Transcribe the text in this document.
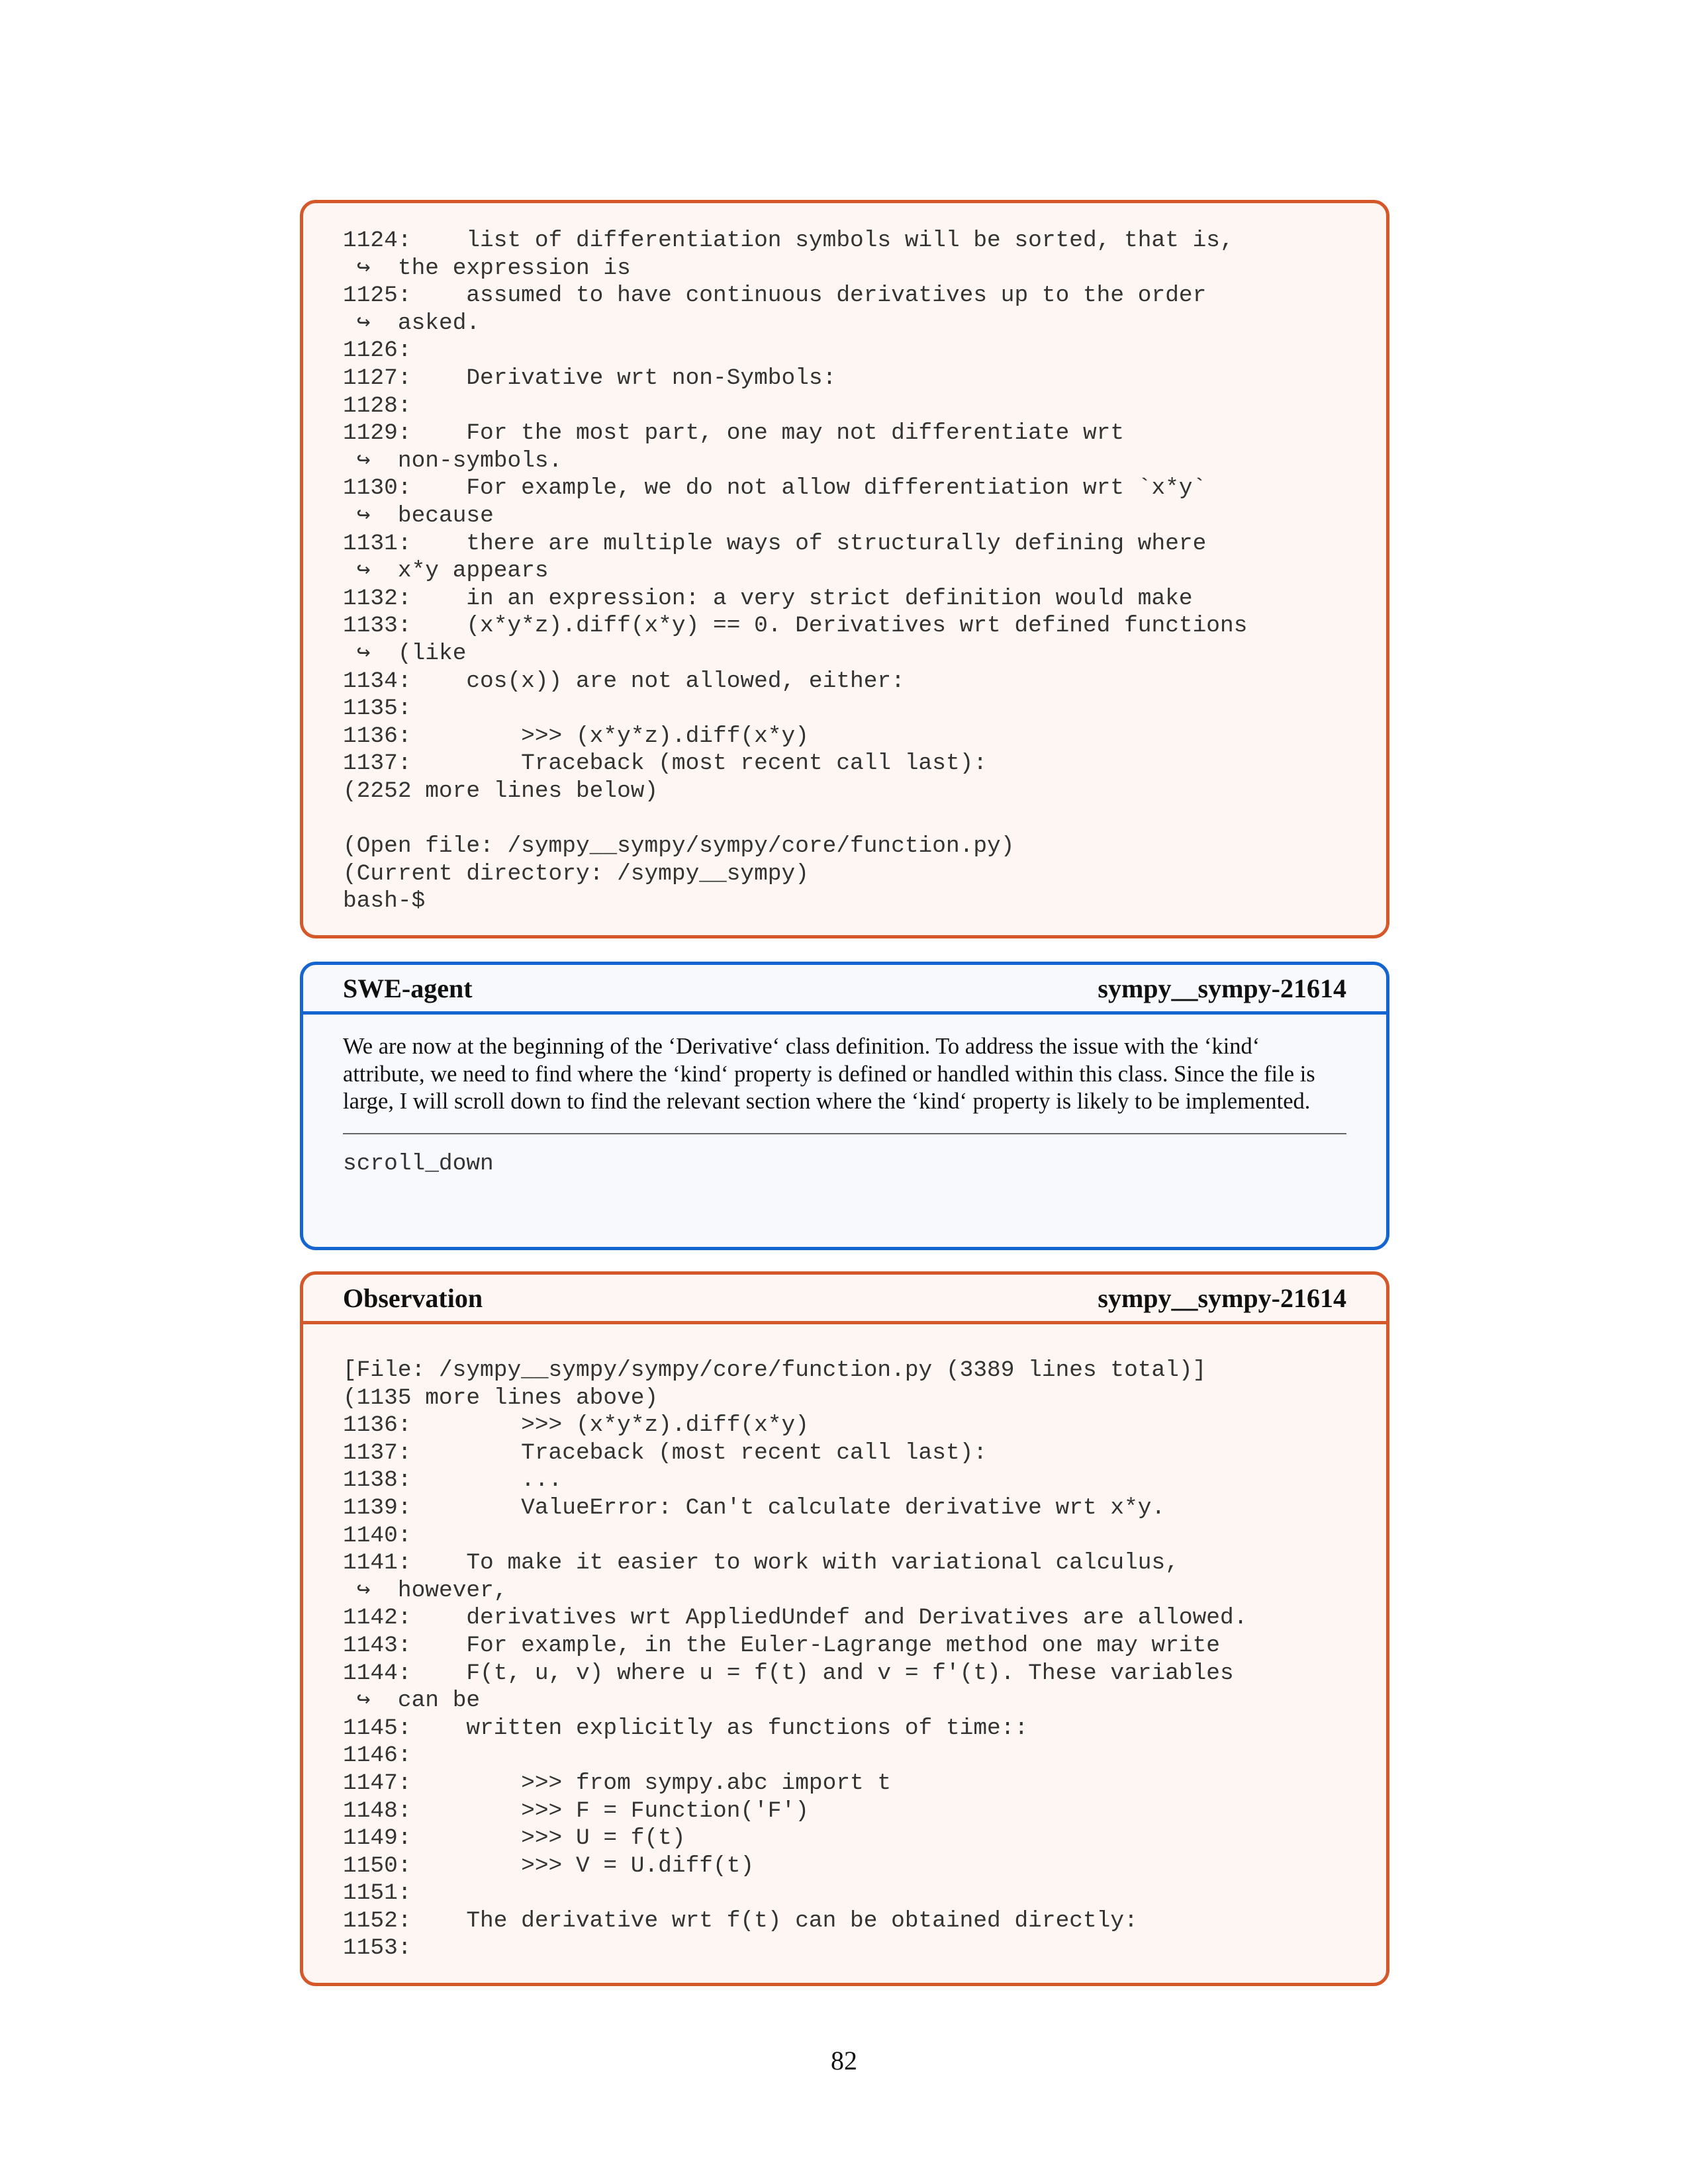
1124:    list of differentiation symbols will be sorted, that is,
↪  the expression is
1125:    assumed to have continuous derivatives up to the order
↪  asked.
1126:
1127:    Derivative wrt non-Symbols:
1128:
1129:    For the most part, one may not differentiate wrt
↪  non-symbols.
1130:    For example, we do not allow differentiation wrt `x*y`
↪  because
1131:    there are multiple ways of structurally defining where
↪  x*y appears
1132:    in an expression: a very strict definition would make
1133:    (x*y*z).diff(x*y) == 0. Derivatives wrt defined functions
↪  (like
1134:    cos(x)) are not allowed, either:
1135:
1136:        >>> (x*y*z).diff(x*y)
1137:        Traceback (most recent call last):
(2252 more lines below)

(Open file: /sympy__sympy/sympy/core/function.py)
(Current directory: /sympy__sympy)
bash-$
SWE-agent	sympy__sympy-21614
We are now at the beginning of the ‘Derivative‘ class definition. To address the issue with the ‘kind‘ attribute, we need to find where the ‘kind‘ property is defined or handled within this class. Since the file is large, I will scroll down to find the relevant section where the ‘kind‘ property is likely to be implemented.
scroll_down
Observation	sympy__sympy-21614
[File: /sympy__sympy/sympy/core/function.py (3389 lines total)]
(1135 more lines above)
1136:        >>> (x*y*z).diff(x*y)
1137:        Traceback (most recent call last):
1138:        ...
1139:        ValueError: Can't calculate derivative wrt x*y.
1140:
1141:    To make it easier to work with variational calculus,
↪  however,
1142:    derivatives wrt AppliedUndef and Derivatives are allowed.
1143:    For example, in the Euler-Lagrange method one may write
1144:    F(t, u, v) where u = f(t) and v = f'(t). These variables
↪  can be
1145:    written explicitly as functions of time::
1146:
1147:        >>> from sympy.abc import t
1148:        >>> F = Function('F')
1149:        >>> U = f(t)
1150:        >>> V = U.diff(t)
1151:
1152:    The derivative wrt f(t) can be obtained directly:
1153:
82
